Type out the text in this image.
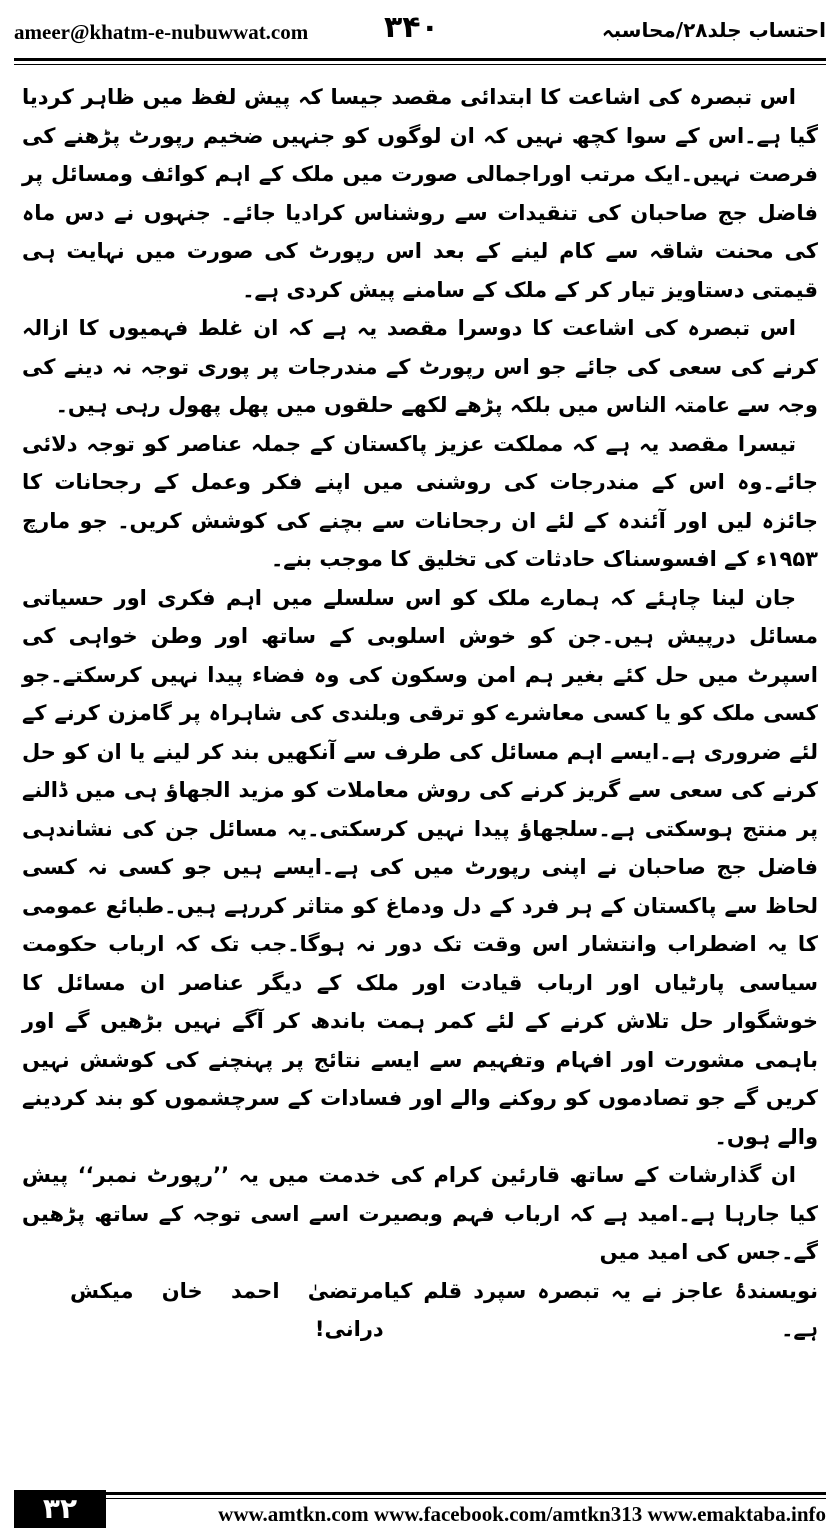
ameer@khatm-e-nubuwwat.com	۳۴۰	احتساب جلد۲۸/محاسبہ

اس تبصرہ کی اشاعت کا ابتدائی مقصد جیسا کہ پیش لفظ میں ظاہر کردیا گیا ہے۔اس کے سوا کچھ نہیں کہ ان لوگوں کو جنہیں ضخیم رپورٹ پڑھنے کی فرصت نہیں۔ایک مرتب اوراجمالی صورت میں ملک کے اہم کوائف ومسائل پر فاضل جج صاحبان کی تنقیدات سے روشناس کرادیا جائے۔ جنہوں نے دس ماہ کی محنت شاقہ سے کام لینے کے بعد اس رپورٹ کی صورت میں نہایت ہی قیمتی دستاویز تیار کر کے ملک کے سامنے پیش کردی ہے۔

اس تبصرہ کی اشاعت کا دوسرا مقصد یہ ہے کہ ان غلط فہمیوں کا ازالہ کرنے کی سعی کی جائے جو اس رپورٹ کے مندرجات پر پوری توجہ نہ دینے کی وجہ سے عامتہ الناس میں بلکہ پڑھے لکھے حلقوں میں پھل پھول رہی ہیں۔

تیسرا مقصد یہ ہے کہ مملکت عزیز پاکستان کے جملہ عناصر کو توجہ دلائی جائے۔وہ اس کے مندرجات کی روشنی میں اپنے فکر وعمل کے رجحانات کا جائزہ لیں اور آئندہ کے لئے ان رجحانات سے بچنے کی کوشش کریں۔ جو مارچ ۱۹۵۳ء کے افسوسناک حادثات کی تخلیق کا موجب بنے۔

جان لینا چاہئے کہ ہمارے ملک کو اس سلسلے میں اہم فکری اور حسیاتی مسائل درپیش ہیں۔جن کو خوش اسلوبی کے ساتھ اور وطن خواہی کی اسپرٹ میں حل کئے بغیر ہم امن وسکون کی وہ فضاء پیدا نہیں کرسکتے۔جو کسی ملک کو یا کسی معاشرے کو ترقی وبلندی کی شاہراہ پر گامزن کرنے کے لئے ضروری ہے۔ایسے اہم مسائل کی طرف سے آنکھیں بند کر لینے یا ان کو حل کرنے کی سعی سے گریز کرنے کی روش معاملات کو مزید الجھاؤ ہی میں ڈالنے پر منتج ہوسکتی ہے۔سلجھاؤ پیدا نہیں کرسکتی۔یہ مسائل جن کی نشاندہی فاضل جج صاحبان نے اپنی رپورٹ میں کی ہے۔ایسے ہیں جو کسی نہ کسی لحاظ سے پاکستان کے ہر فرد کے دل ودماغ کو متاثر کررہے ہیں۔طبائع عمومی کا یہ اضطراب وانتشار اس وقت تک دور نہ ہوگا۔جب تک کہ ارباب حکومت سیاسی پارٹیاں اور ارباب قیادت اور ملک کے دیگر عناصر ان مسائل کا خوشگوار حل تلاش کرنے کے لئے کمر ہمت باندھ کر آگے نہیں بڑھیں گے اور باہمی مشورت اور افہام وتفہیم سے ایسے نتائج پر پہنچنے کی کوشش نہیں کریں گے جو تصادموں کو روکنے والے اور فسادات کے سرچشموں کو بند کردینے والے ہوں۔

ان گذارشات کے ساتھ قارئین کرام کی خدمت میں یہ ’’رپورٹ نمبر‘‘ پیش کیا جارہا ہے۔امید ہے کہ ارباب فہم وبصیرت اسے اسی توجہ کے ساتھ پڑھیں گے۔جس کی امید میں

نویسندۂ عاجز نے یہ تبصرہ سپرد قلم کیا ہے۔
مرتضیٰ احمد خان میکش درانی!
۳۲	www.amtkn.com www.facebook.com/amtkn313 www.emaktaba.info
